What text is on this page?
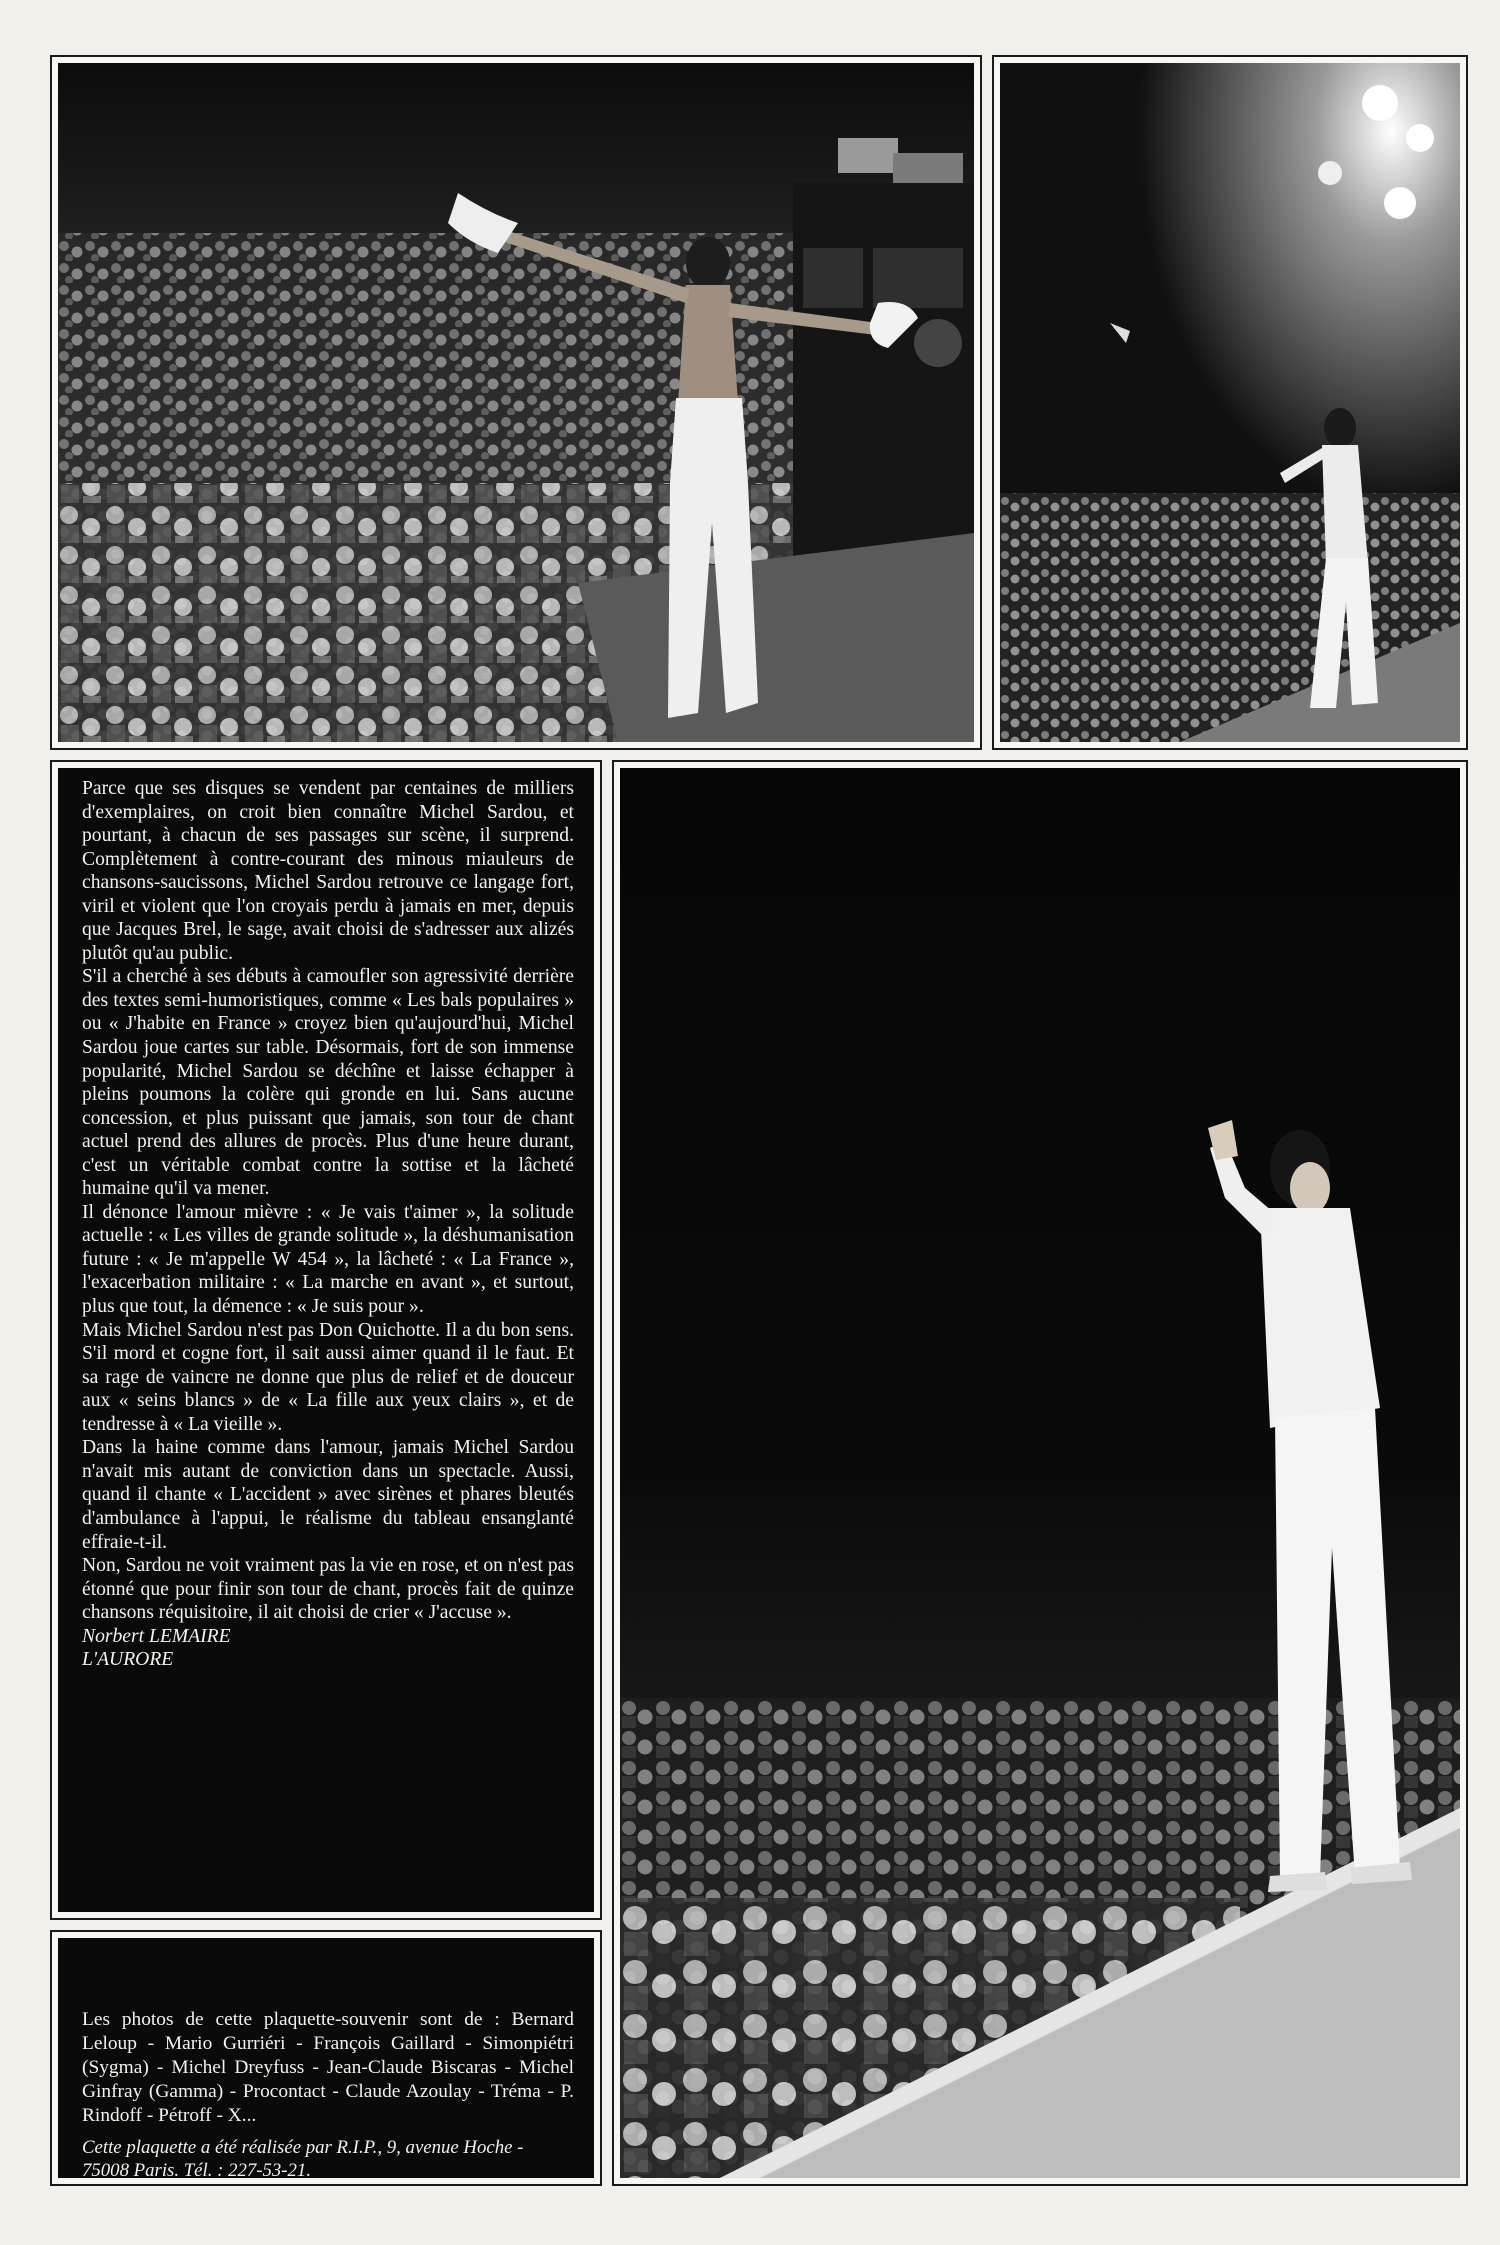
Parce que ses disques se vendent par centaines de milliers d'exemplaires, on croit bien connaître Michel Sardou, et pourtant, à chacun de ses passages sur scène, il surprend. Complètement à contre-courant des minous miauleurs de chansons-saucissons, Michel Sardou retrouve ce langage fort, viril et violent que l'on croyais perdu à jamais en mer, depuis que Jacques Brel, le sage, avait choisi de s'adresser aux alizés plutôt qu'au public.

S'il a cherché à ses débuts à camoufler son agressivité derrière des textes semi-humoristiques, comme « Les bals populaires » ou « J'habite en France » croyez bien qu'aujourd'hui, Michel Sardou joue cartes sur table. Désormais, fort de son immense popularité, Michel Sardou se déchîne et laisse échapper à pleins poumons la colère qui gronde en lui. Sans aucune concession, et plus puissant que jamais, son tour de chant actuel prend des allures de procès. Plus d'une heure durant, c'est un véritable combat contre la sottise et la lâcheté humaine qu'il va mener.

Il dénonce l'amour mièvre : « Je vais t'aimer », la solitude actuelle : « Les villes de grande solitude », la déshumanisation future : « Je m'appelle W 454 », la lâcheté : « La France », l'exacerbation militaire : « La marche en avant », et surtout, plus que tout, la démence : « Je suis pour ».

Mais Michel Sardou n'est pas Don Quichotte. Il a du bon sens. S'il mord et cogne fort, il sait aussi aimer quand il le faut. Et sa rage de vaincre ne donne que plus de relief et de douceur aux « seins blancs » de « La fille aux yeux clairs », et de tendresse à « La vieille ».

Dans la haine comme dans l'amour, jamais Michel Sardou n'avait mis autant de conviction dans un spectacle. Aussi, quand il chante « L'accident » avec sirènes et phares bleutés d'ambulance à l'appui, le réalisme du tableau ensanglanté effraie-t-il.

Non, Sardou ne voit vraiment pas la vie en rose, et on n'est pas étonné que pour finir son tour de chant, procès fait de quinze chansons réquisitoire, il ait choisi de crier « J'accuse ».

Norbert LEMAIRE

L'AURORE

Les photos de cette plaquette-souvenir sont de : Bernard Leloup - Mario Gurriéri - François Gaillard - Simonpiétri (Sygma) - Michel Dreyfuss - Jean-Claude Biscaras - Michel Ginfray (Gamma) - Procontact - Claude Azoulay - Tréma - P. Rindoff - Pétroff - X...

Cette plaquette a été réalisée par R.I.P., 9, avenue Hoche - 75008 Paris. Tél. : 227-53-21.
